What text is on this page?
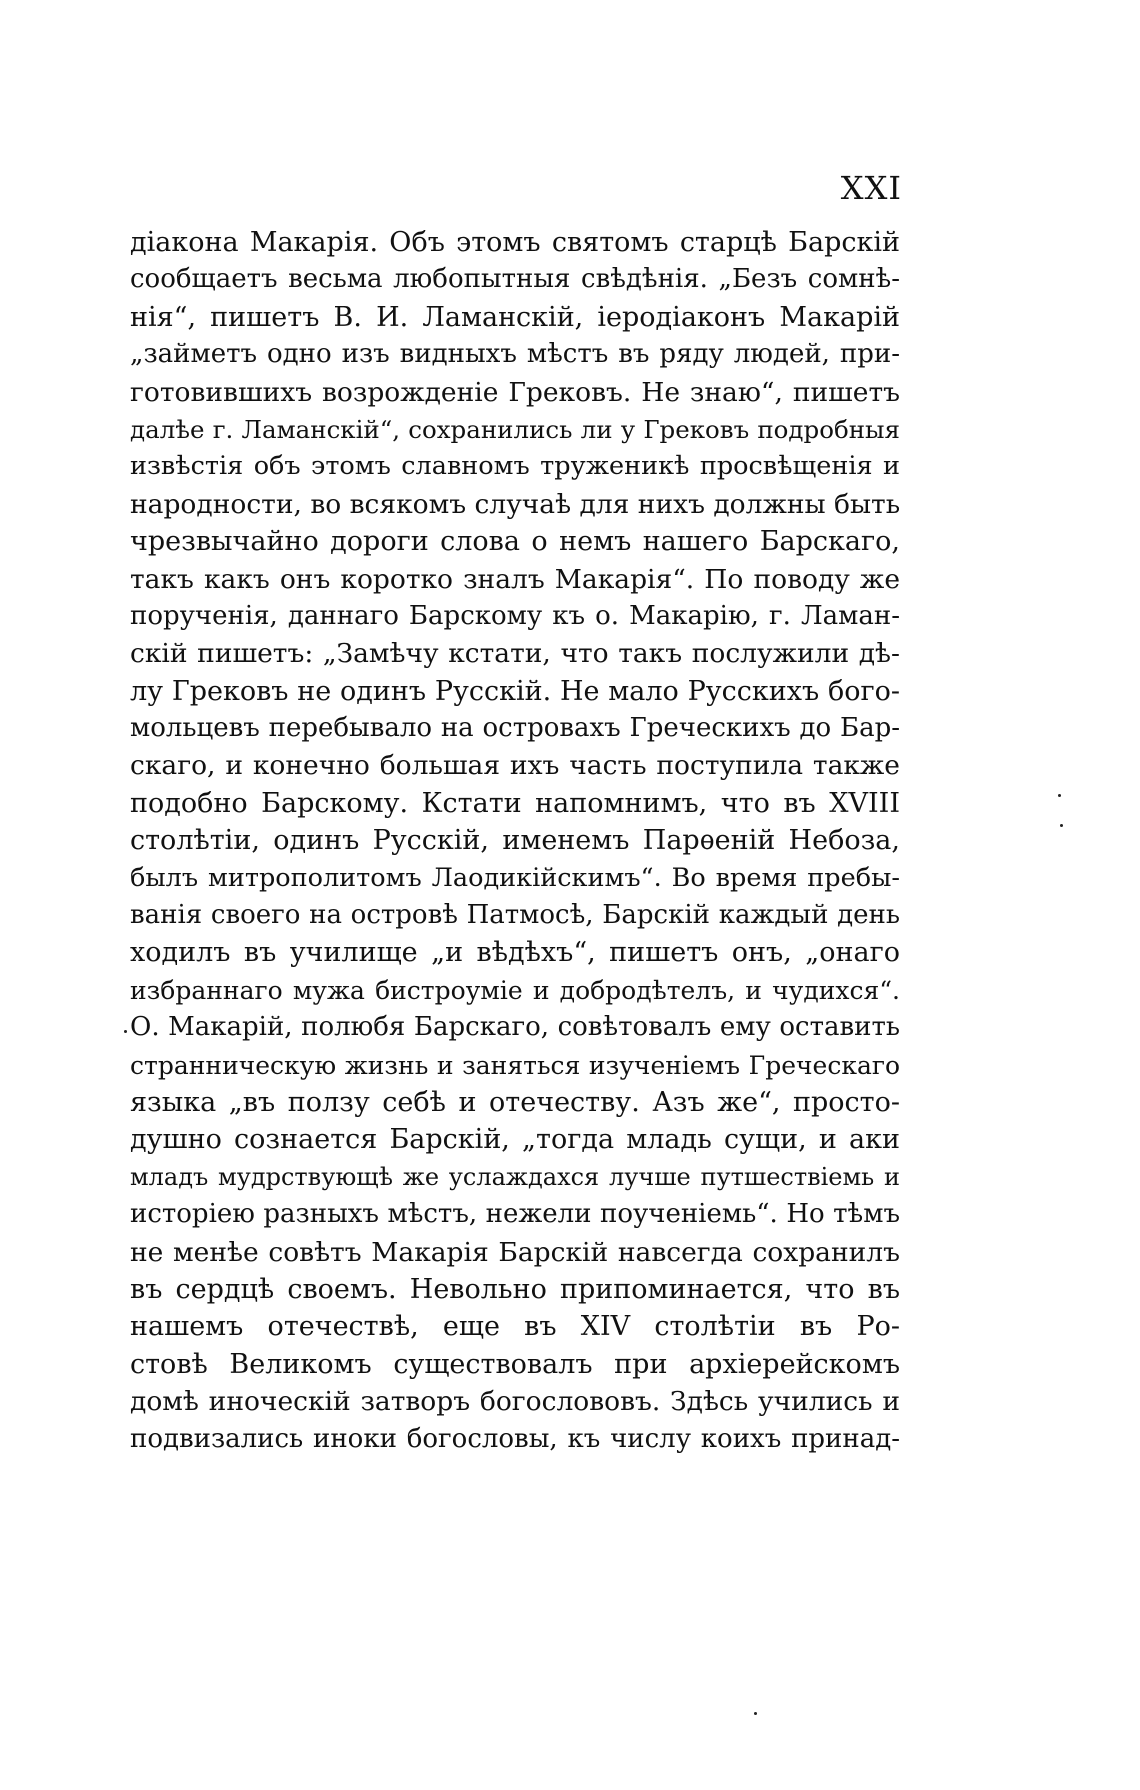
XXI
діакона Макарія. Объ этомъ святомъ старцѣ Барскій
сообщаетъ весьма любопытныя свѣдѣнія. „Безъ сомнѣ-
нія“, пишетъ В. И. Ламанскій, іеродіаконъ Макарій
„займетъ одно изъ видныхъ мѣстъ въ ряду людей, при-
готовившихъ возрожденіе Грековъ. Не знаю“, пишетъ
далѣе г. Ламанскій“, сохранились ли у Грековъ подробныя
извѣстія объ этомъ славномъ труженикѣ просвѣщенія и
народности, во всякомъ случаѣ для нихъ должны быть
чрезвычайно дороги слова о немъ нашего Барскаго,
такъ какъ онъ коротко зналъ Макарія“. По поводу же
порученія, даннаго Барскому къ о. Макарію, г. Ламан-
скій пишетъ: „Замѣчу кстати, что такъ послужили дѣ-
лу Грековъ не одинъ Русскій. Не мало Русскихъ бого-
мольцевъ перебывало на островахъ Греческихъ до Бар-
скаго, и конечно большая ихъ часть поступила также
подобно Барскому. Кстати напомнимъ, что въ XVIII
столѣтіи, одинъ Русскій, именемъ Парѳеній Небоза,
былъ митрополитомъ Лаодикійскимъ“. Во время пребы-
ванія своего на островѣ Патмосѣ, Барскій каждый день
ходилъ въ училище „и вѣдѣхъ“, пишетъ онъ, „онаго
избраннаго мужа бистроуміе и добродѣтелъ, и чудихся“.
О. Макарій, полюбя Барскаго, совѣтовалъ ему оставить
странническую жизнь и заняться изученіемъ Греческаго
языка „въ ползу себѣ и отечеству. Азъ же“, просто-
душно сознается Барскій, „тогда младь сущи, и аки
младъ мудрствующѣ же услаждахся лучше путшествіемь и
исторіею разныхъ мѣстъ, нежели поученіемь“. Но тѣмъ
не менѣе совѣтъ Макарія Барскій навсегда сохранилъ
въ сердцѣ своемъ. Невольно припоминается, что въ
нашемъ отечествѣ, еще въ XIV столѣтіи въ Ро-
стовѣ Великомъ существовалъ при архіерейскомъ
домѣ иноческій затворъ богослововъ. Здѣсь учились и
подвизались иноки богословы, къ числу коихъ принад-
